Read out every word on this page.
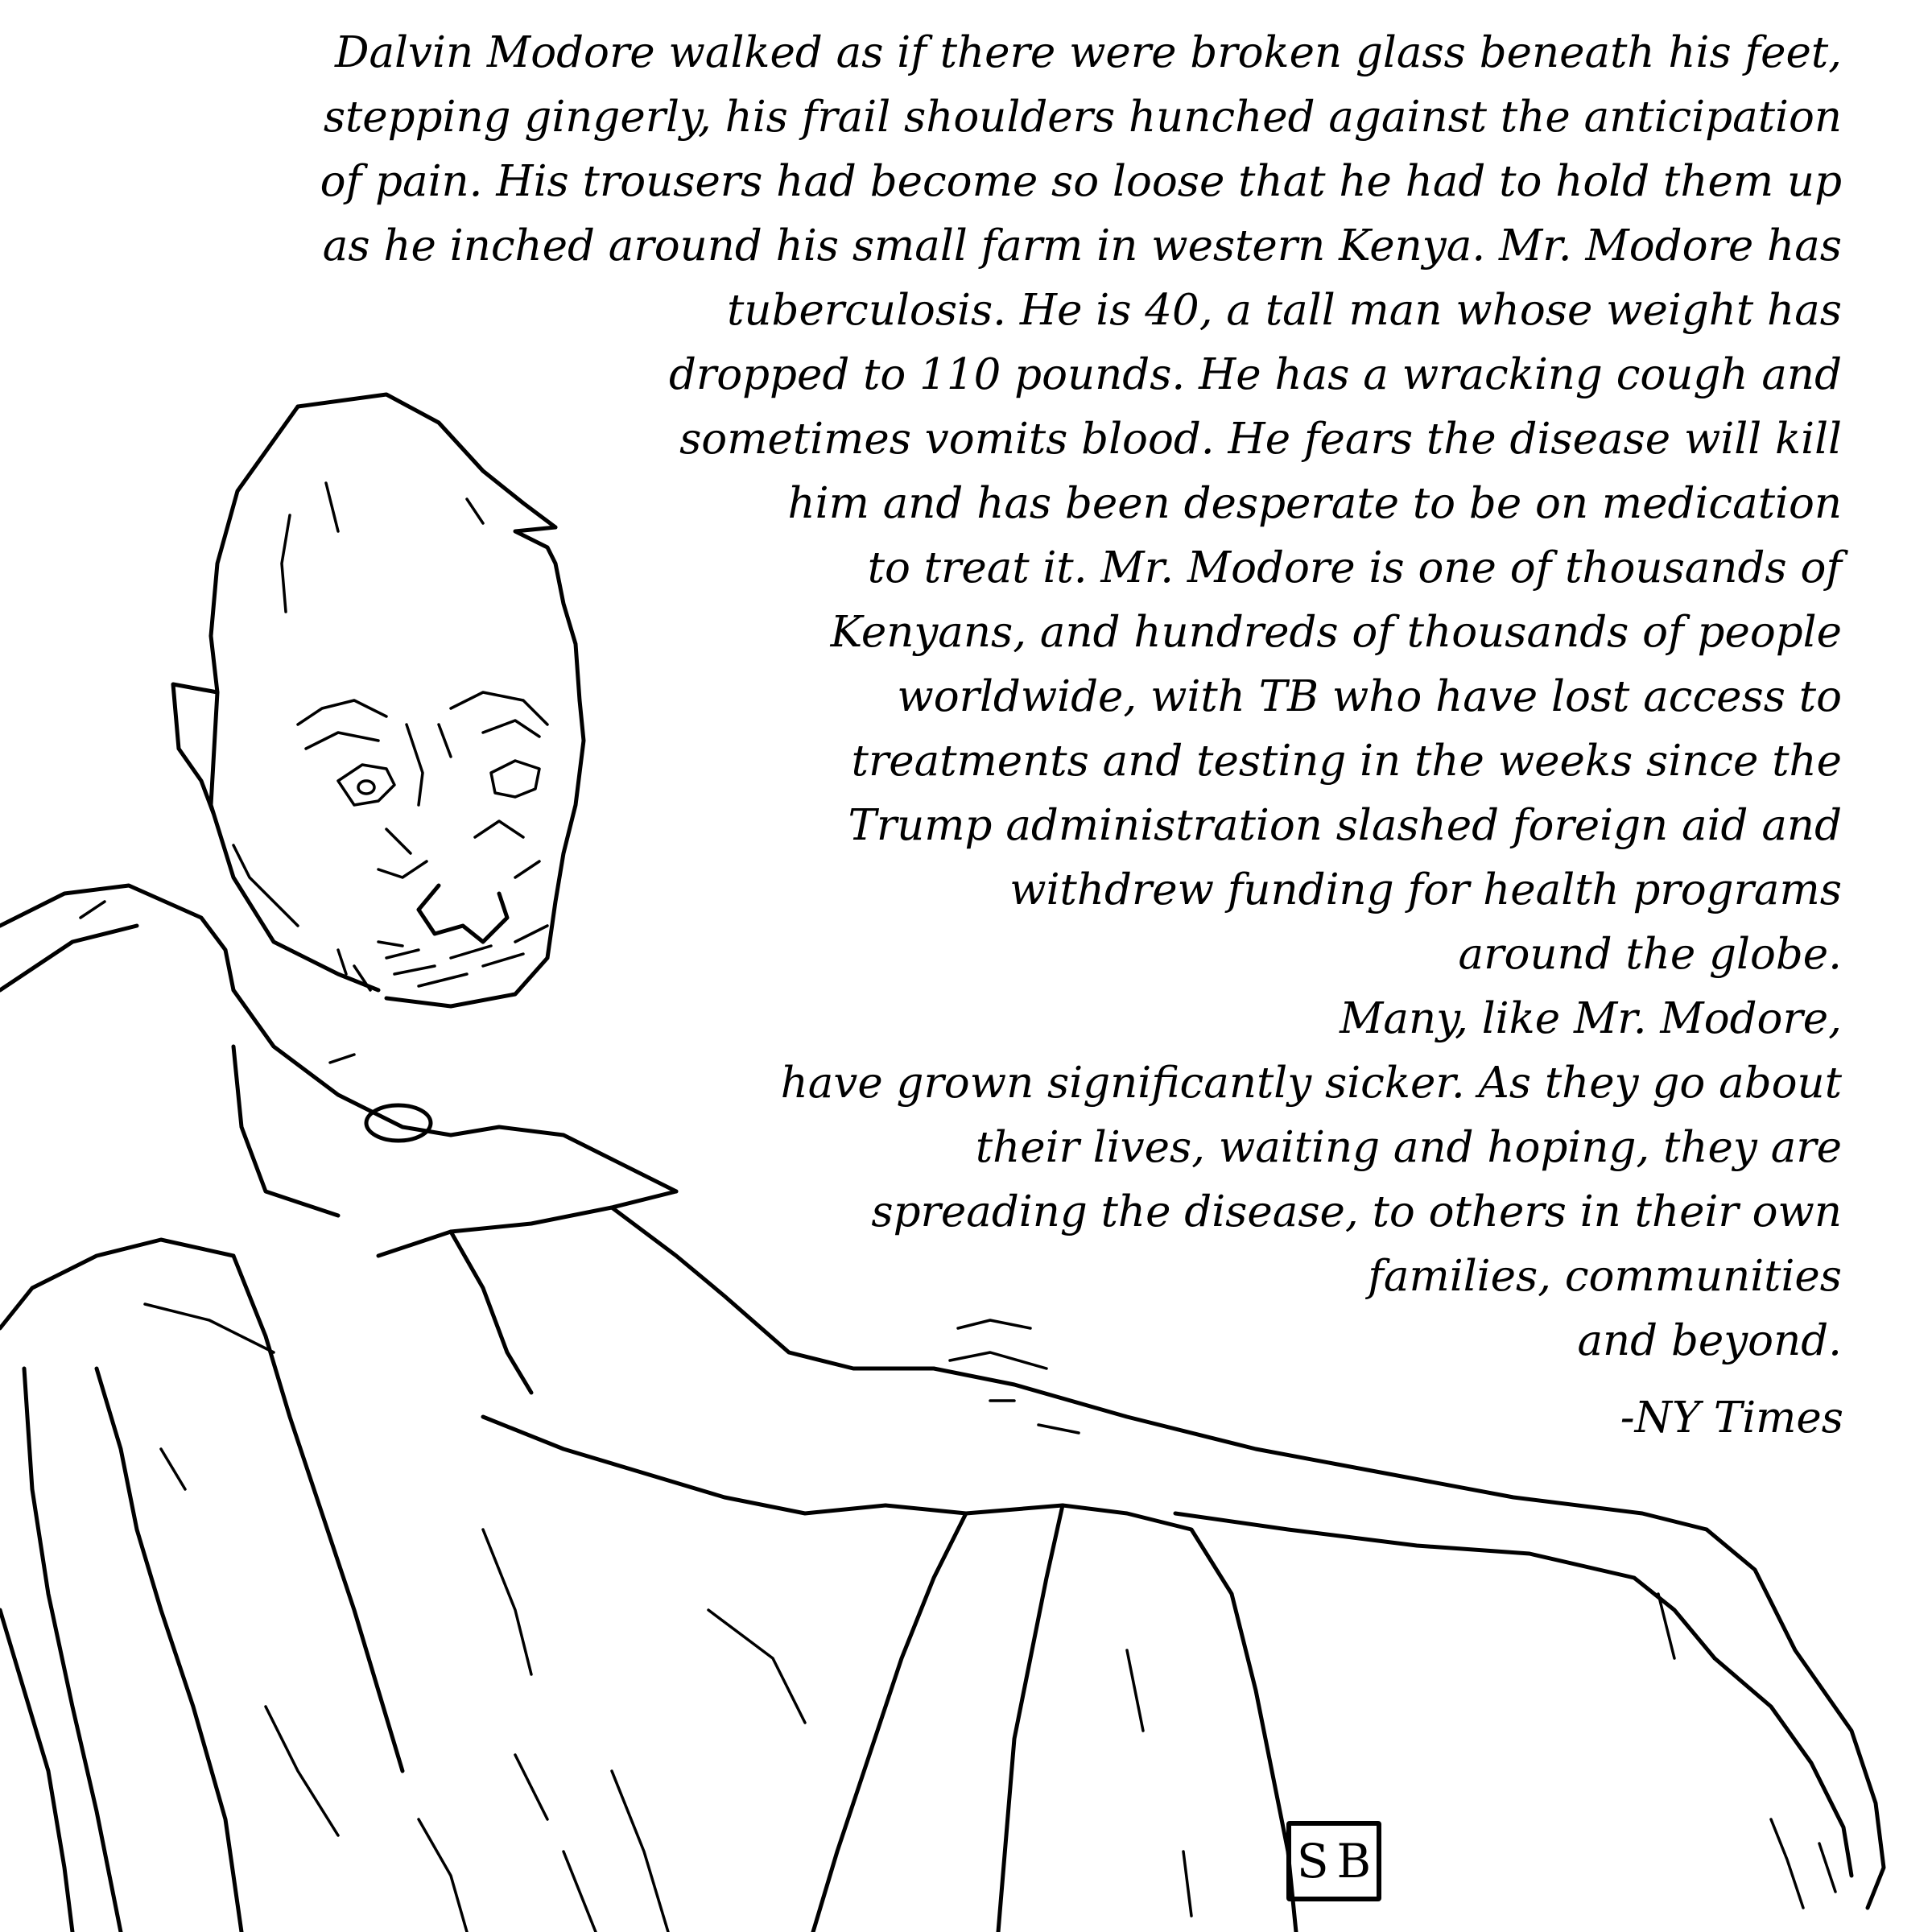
Dalvin Modore walked as if there were broken glass beneath his feet,
stepping gingerly, his frail shoulders hunched against the anticipation
of pain. His trousers had become so loose that he had to hold them up
as he inched around his small farm in western Kenya. Mr. Modore has
tuberculosis. He is 40, a tall man whose weight has
dropped to 110 pounds. He has a wracking cough and
sometimes vomits blood. He fears the disease will kill
him and has been desperate to be on medication
to treat it. Mr. Modore is one of thousands of
Kenyans, and hundreds of thousands of people
worldwide, with TB who have lost access to
treatments and testing in the weeks since the
Trump administration slashed foreign aid and
withdrew funding for health programs
around the globe.
Many, like Mr. Modore,
have grown significantly sicker. As they go about
their lives, waiting and hoping, they are
spreading the disease, to others in their own
families, communities
and beyond.
-NY Times
SB
